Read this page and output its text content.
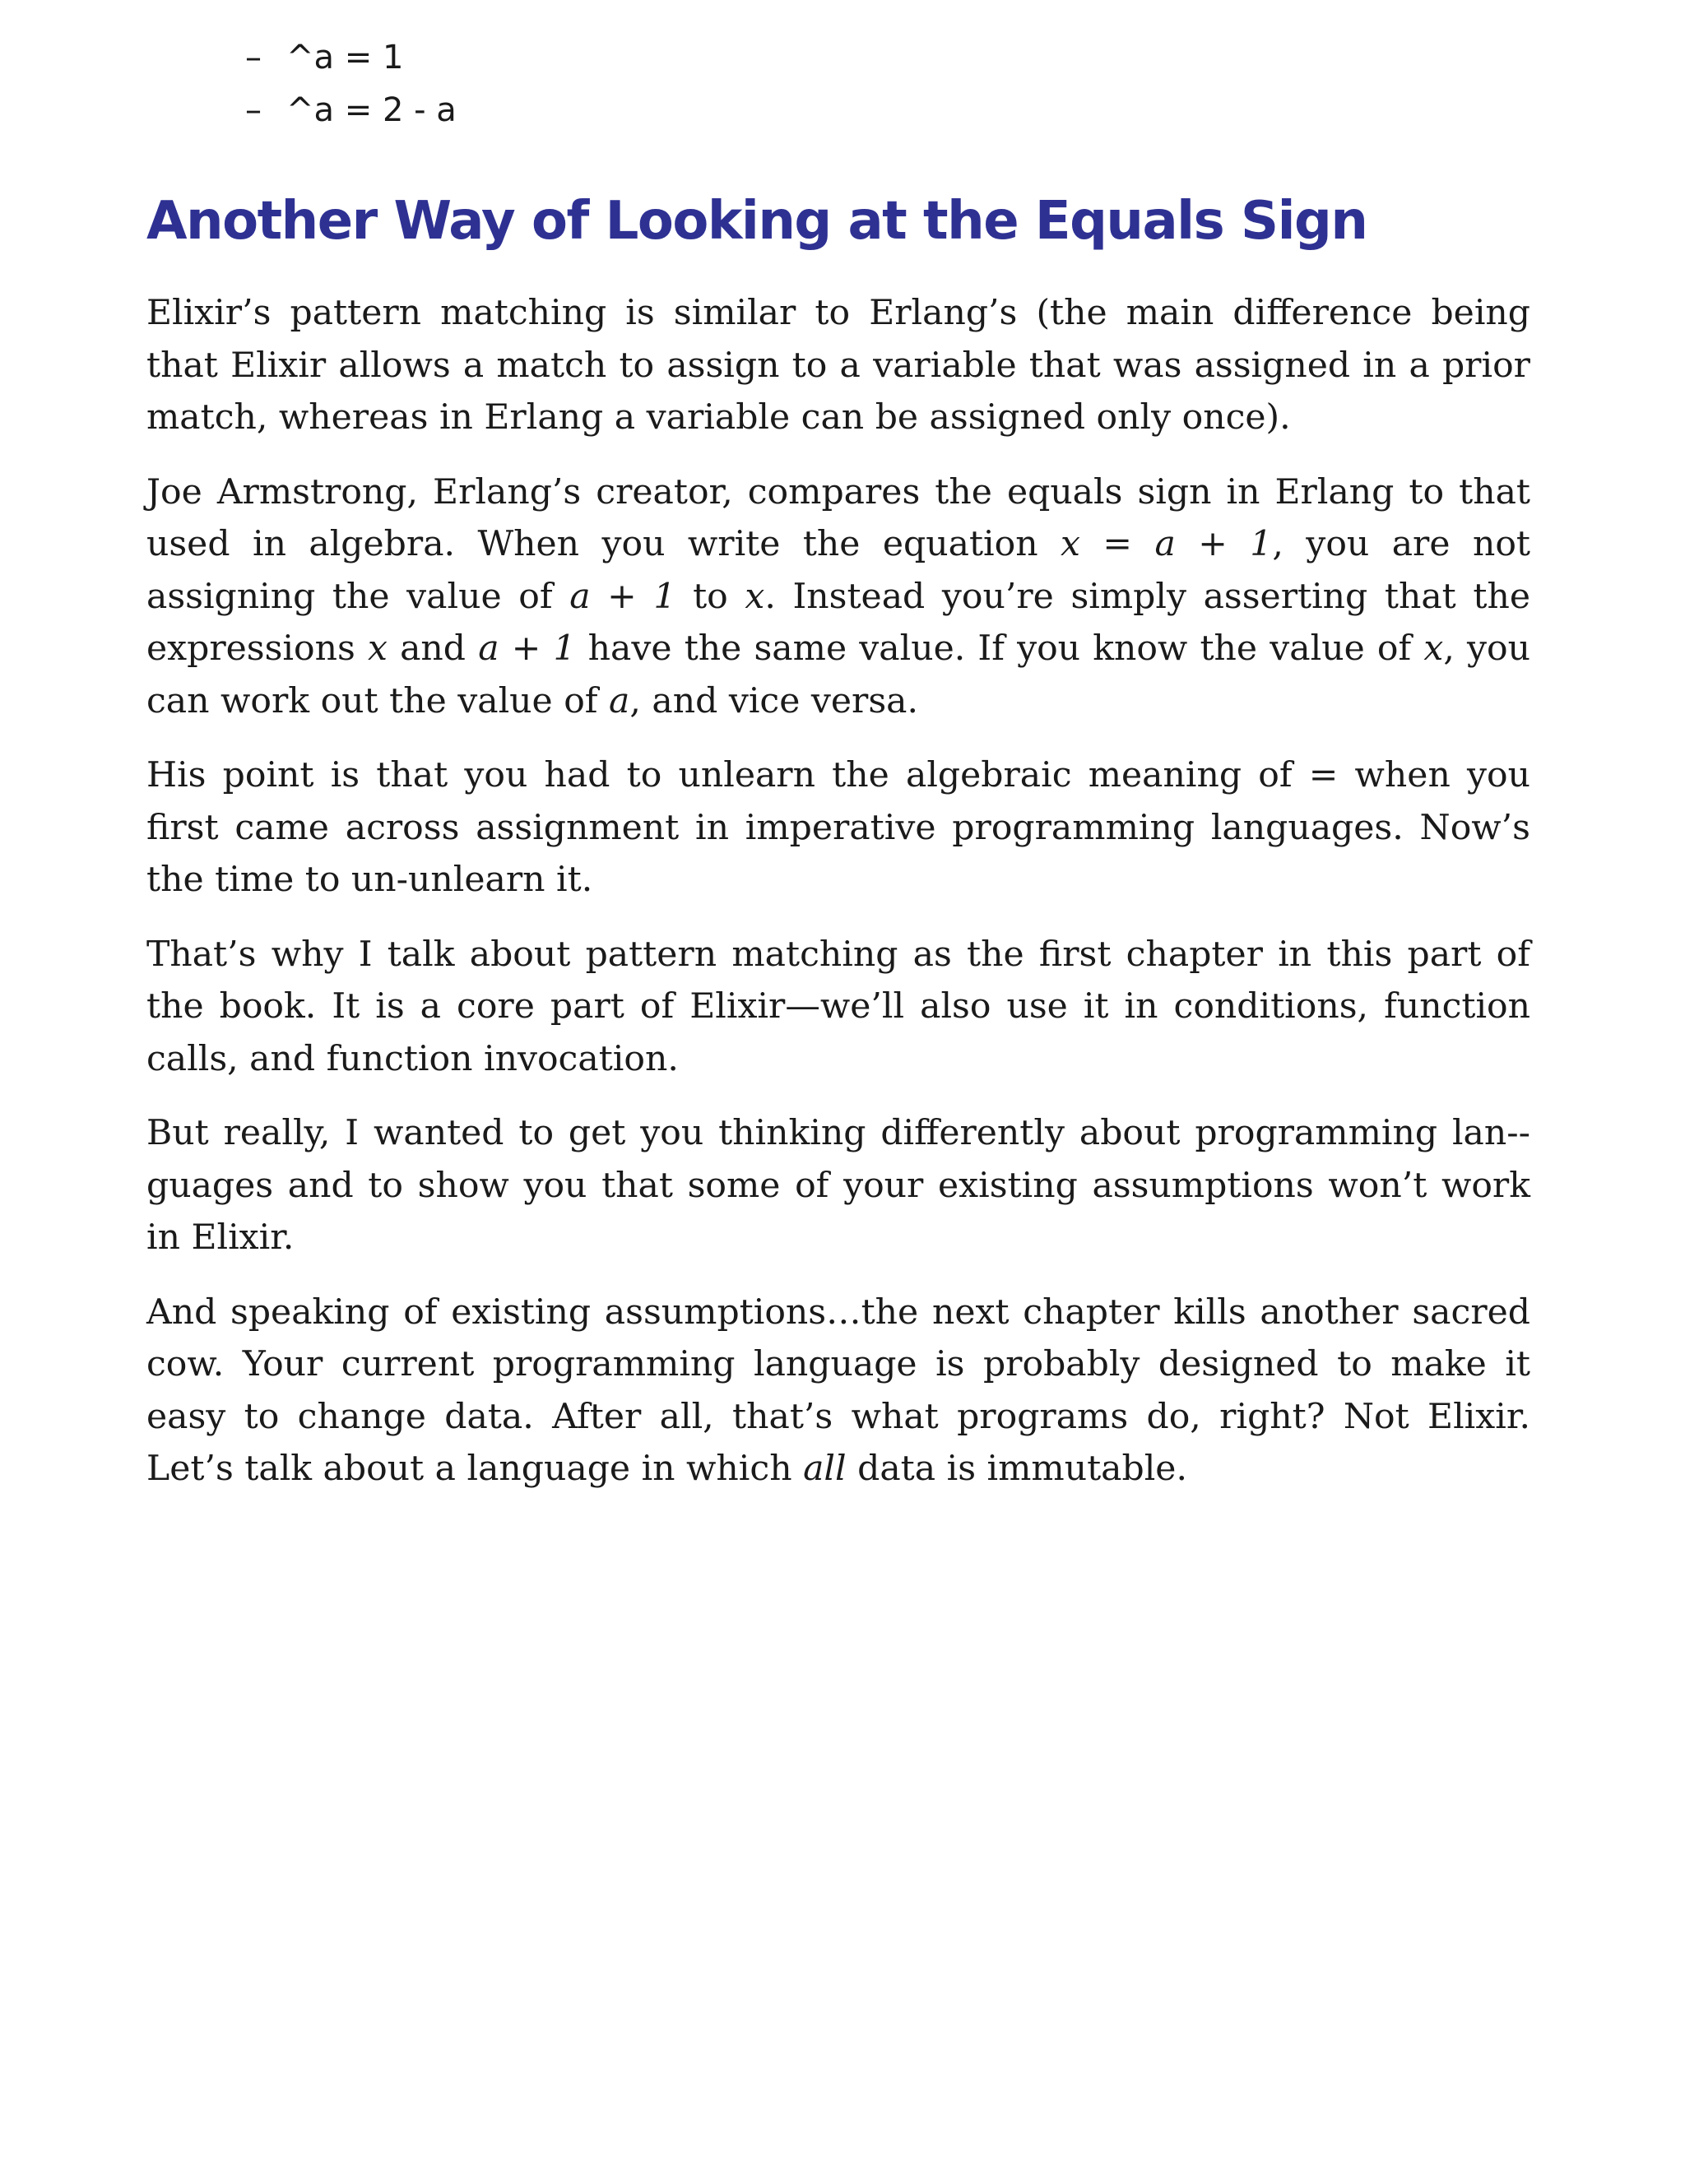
– ^a = 1
– ^a = 2 - a
Another Way of Looking at the Equals Sign

Elixir’s pattern matching is similar to Erlang’s (the main difference being that Elixir allows a match to assign to a variable that was assigned in a prior match, whereas in Erlang a variable can be assigned only once).

Joe Armstrong, Erlang’s creator, compares the equals sign in Erlang to that used in algebra. When you write the equation x = a + 1, you are not assigning the value of a + 1 to x. Instead you’re simply asserting that the expressions x and a + 1 have the same value. If you know the value of x, you can work out the value of a, and vice versa.

His point is that you had to unlearn the algebraic meaning of = when you first came across assignment in imperative programming languages. Now’s the time to un-unlearn it.

That’s why I talk about pattern matching as the first chapter in this part of the book. It is a core part of Elixir—we’ll also use it in conditions, function calls, and function invocation.

But really, I wanted to get you thinking differently about programming lan-guages and to show you that some of your existing assumptions won’t work in Elixir.

And speaking of existing assumptions…the next chapter kills another sacred cow. Your current programming language is probably designed to make it easy to change data. After all, that’s what programs do, right? Not Elixir. Let’s talk about a language in which all data is immutable.
